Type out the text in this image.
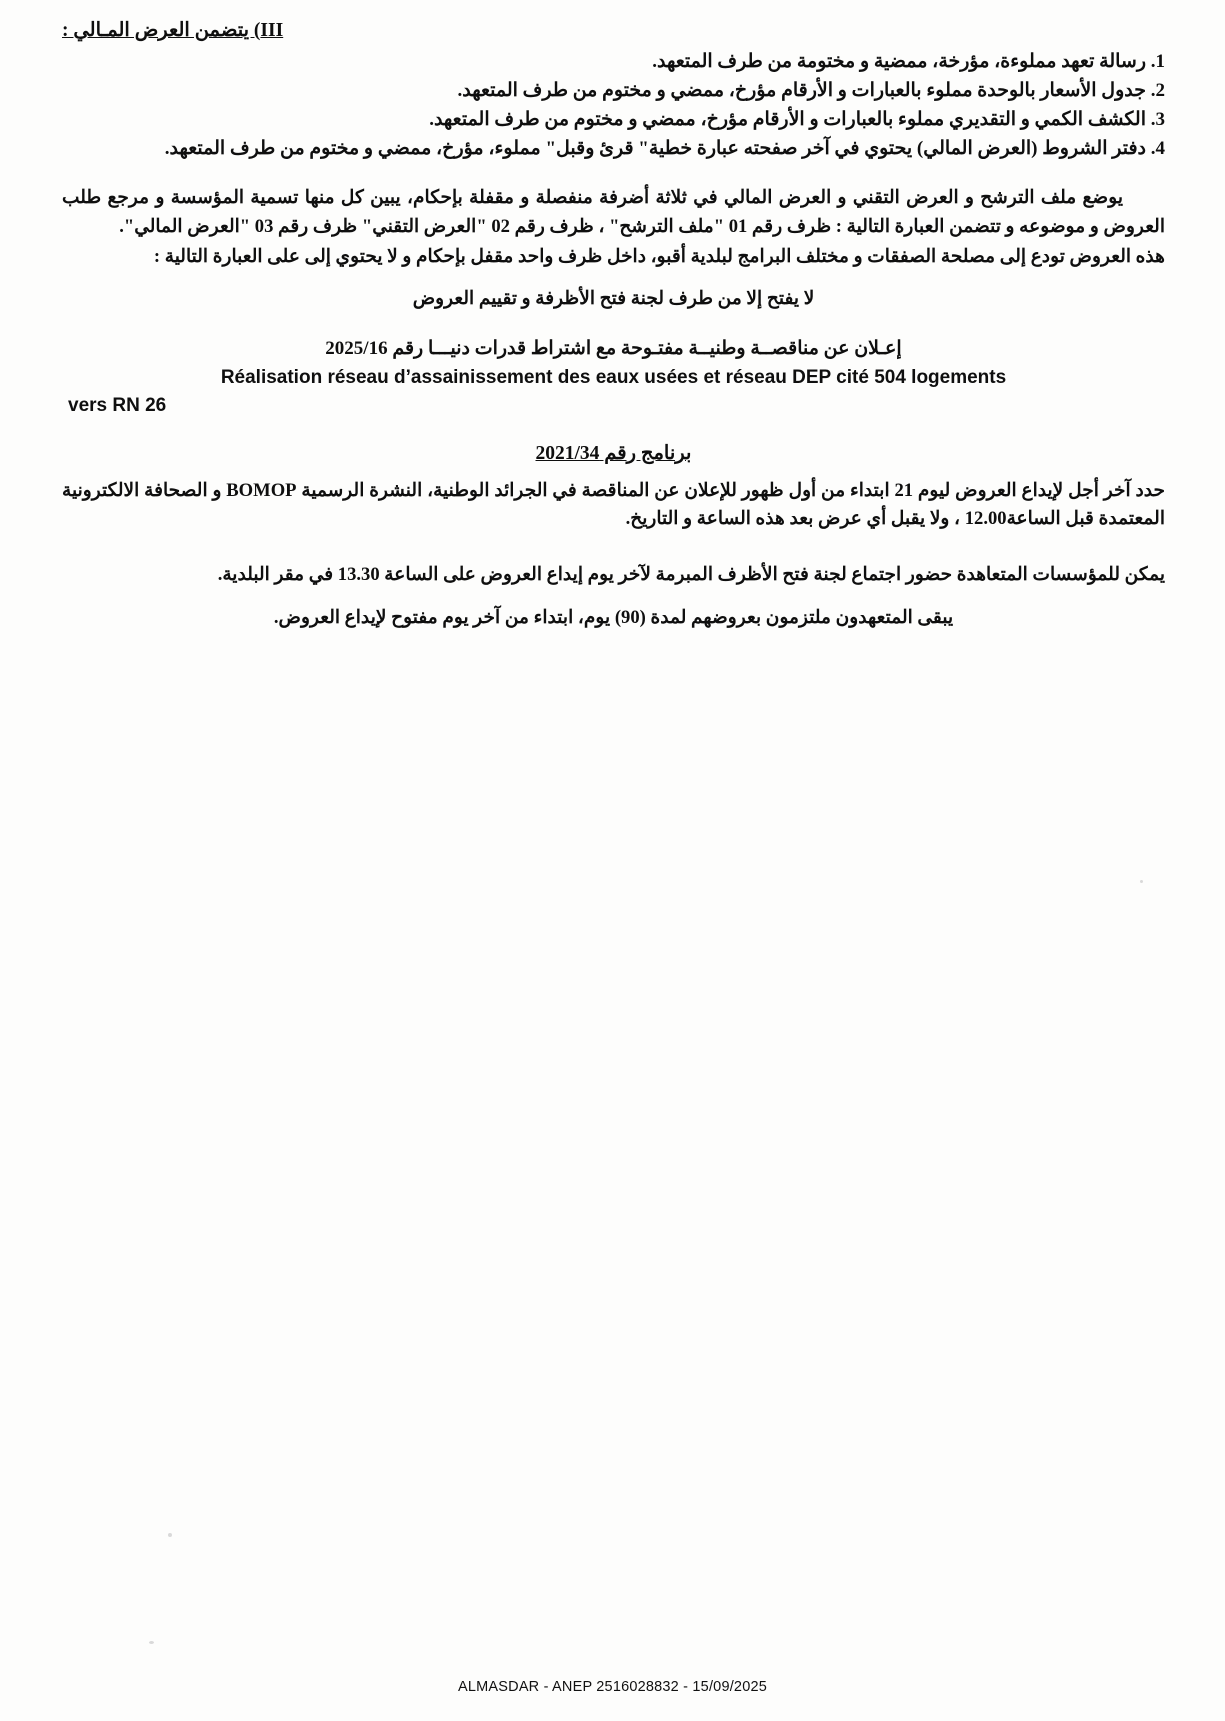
III) يتضمن العرض المـالي :
1. رسالة تعهد مملوءة، مؤرخة، ممضية و مختومة من طرف المتعهد.
2. جدول الأسعار بالوحدة مملوء بالعبارات و الأرقام مؤرخ، ممضي و مختوم من طرف المتعهد.
3. الكشف الكمي و التقديري مملوء بالعبارات و الأرقام مؤرخ، ممضي و مختوم من طرف المتعهد.
4. دفتر الشروط (العرض المالي) يحتوي في آخر صفحته عبارة خطية" قرئ وقبل" مملوء، مؤرخ، ممضي و مختوم من طرف المتعهد.

يوضع ملف الترشح و العرض التقني و العرض المالي في ثلاثة أضرفة منفصلة و مقفلة بإحكام، يبين كل منها تسمية المؤسسة و مرجع طلب العروض و موضوعه و تتضمن العبارة التالية : ظرف رقم 01 "ملف الترشح" ، ظرف رقم 02 "العرض التقني" ظرف رقم 03 "العرض المالي".

هذه العروض تودع إلى مصلحة الصفقات و مختلف البرامج لبلدية أقبو، داخل ظرف واحد مقفل بإحكام و لا يحتوي إلى على العبارة التالية :

لا يفتح إلا من طرف لجنة فتح الأظرفة و تقييم العروض

إعـلان عن مناقصــة وطنيــة مفتـوحة مع اشتراط قدرات دنيـــا رقم 2025/16

Réalisation réseau d’assainissement des eaux usées et réseau DEP cité 504 logements
vers RN 26

برنامج رقم 2021/34

حدد آخر أجل لإيداع العروض ليوم 21 ابتداء من أول ظهور للإعلان عن المناقصة في الجرائد الوطنية، النشرة الرسمية BOMOP و الصحافة الالكترونية المعتمدة قبل الساعة12.00 ، ولا يقبل أي عرض بعد هذه الساعة و التاريخ.

يمكن للمؤسسات المتعاهدة حضور اجتماع لجنة فتح الأظرف المبرمة لآخر يوم إيداع العروض على الساعة 13.30 في مقر البلدية.

يبقى المتعهدون ملتزمون بعروضهم لمدة (90) يوم، ابتداء من آخر يوم مفتوح لإيداع العروض.

ALMASDAR - ANEP 2516028832 - 15/09/2025
